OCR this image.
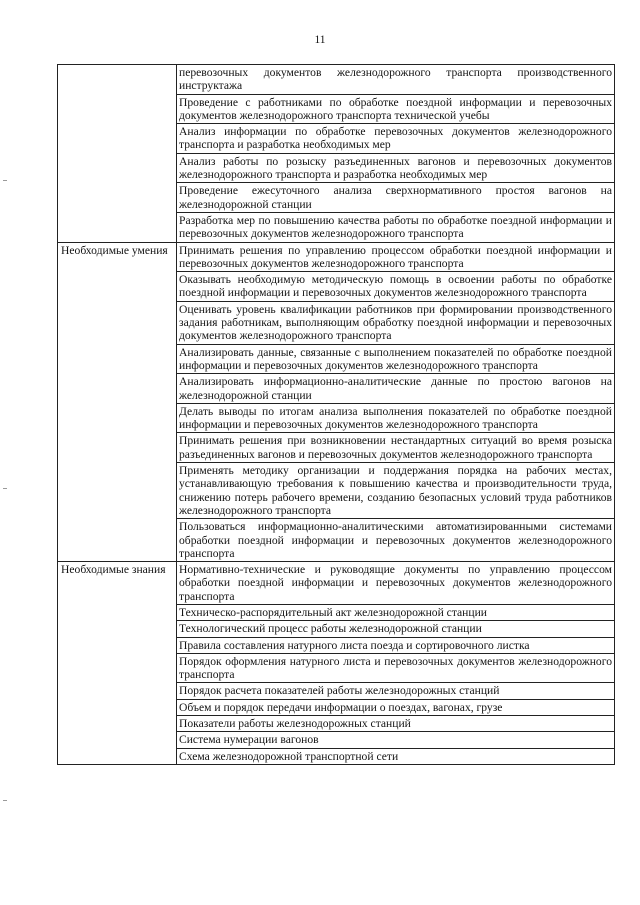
11
	перевозочных документов железнодорожного транспорта производственного инструктажа
	Проведение с работниками по обработке поездной информации и перевозочных документов железнодорожного транспорта технической учебы
	Анализ информации по обработке перевозочных документов железнодорожного транспорта и разработка необходимых мер
	Анализ работы по розыску разъединенных вагонов и перевозочных документов железнодорожного транспорта и разработка необходимых мер
	Проведение ежесуточного анализа сверхнормативного простоя вагонов на железнодорожной станции
	Разработка мер по повышению качества работы по обработке поездной информации и перевозочных документов железнодорожного транспорта

Необходимые умения	Принимать решения по управлению процессом обработки поездной информации и перевозочных документов железнодорожного транспорта
	Оказывать необходимую методическую помощь в освоении работы по обработке поездной информации и перевозочных документов железнодорожного транспорта
	Оценивать уровень квалификации работников при формировании производственного задания работникам, выполняющим обработку поездной информации и перевозочных документов железнодорожного транспорта
	Анализировать данные, связанные с выполнением показателей по обработке поездной информации и перевозочных документов железнодорожного транспорта
	Анализировать информационно-аналитические данные по простою вагонов на железнодорожной станции
	Делать выводы по итогам анализа выполнения показателей по обработке поездной информации и перевозочных документов железнодорожного транспорта
	Принимать решения при возникновении нестандартных ситуаций во время розыска разъединенных вагонов и перевозочных документов железнодорожного транспорта
	Применять методику организации и поддержания порядка на рабочих местах, устанавливающую требования к повышению качества и производительности труда, снижению потерь рабочего времени, созданию безопасных условий труда работников железнодорожного транспорта
	Пользоваться информационно-аналитическими автоматизированными системами обработки поездной информации и перевозочных документов железнодорожного транспорта

Необходимые знания	Нормативно-технические и руководящие документы по управлению процессом обработки поездной информации и перевозочных документов железнодорожного транспорта
	Техническо-распорядительный акт железнодорожной станции
	Технологический процесс работы железнодорожной станции
	Правила составления натурного листа поезда и сортировочного листка
	Порядок оформления натурного листа и перевозочных документов железнодорожного транспорта
	Порядок расчета показателей работы железнодорожных станций
	Объем и порядок передачи информации о поездах, вагонах, грузе
	Показатели работы железнодорожных станций
	Система нумерации вагонов
	Схема железнодорожной транспортной сети
